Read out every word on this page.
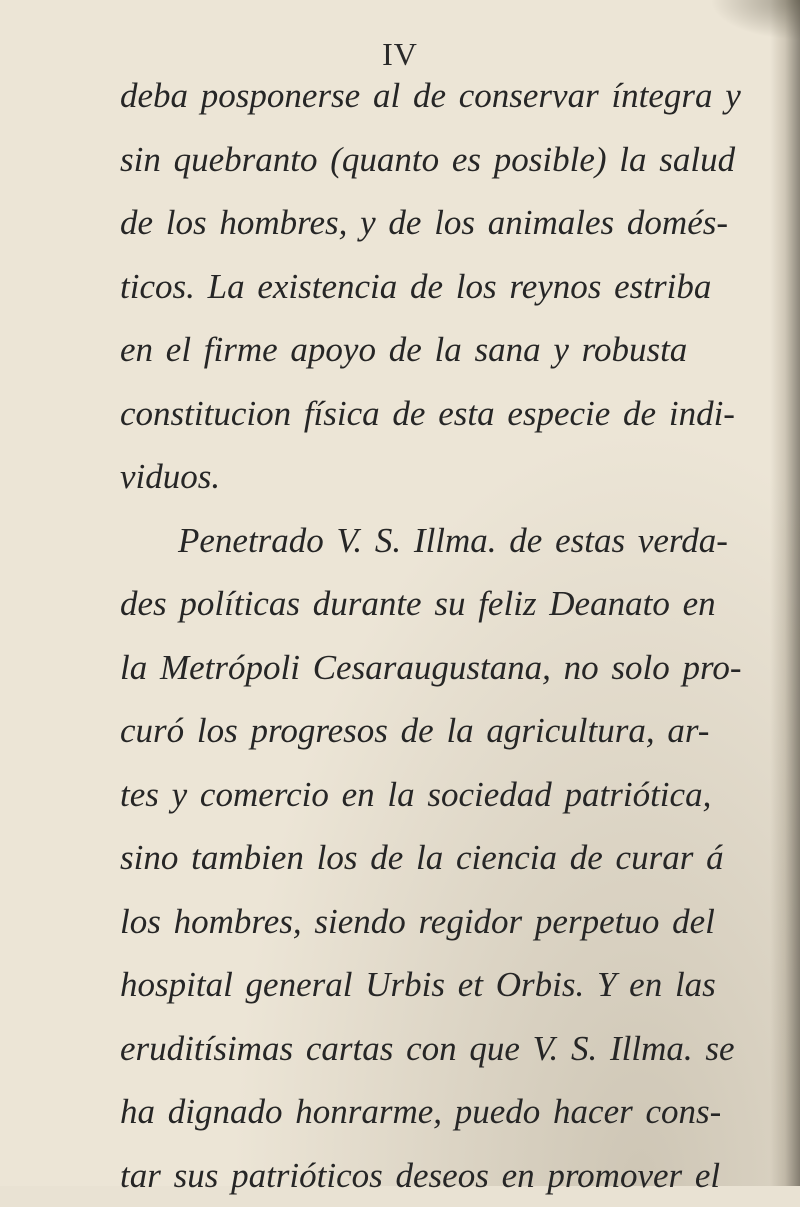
IV
deba posponerse al de conservar íntegra y
sin quebranto (quanto es posible) la salud
de los hombres, y de los animales domés-
ticos. La existencia de los reynos estriba
en el firme apoyo de la sana y robusta
constitucion física de esta especie de indi-
viduos.
Penetrado V. S. Illma. de estas verda-
des políticas durante su feliz Deanato en
la Metrópoli Cesaraugustana, no solo pro-
curó los progresos de la agricultura, ar-
tes y comercio en la sociedad patriótica,
sino tambien los de la ciencia de curar á
los hombres, siendo regidor perpetuo del
hospital general Urbis et Orbis. Y en las
eruditísimas cartas con que V. S. Illma. se
ha dignado honrarme, puedo hacer cons-
tar sus patrióticos deseos en promover el
